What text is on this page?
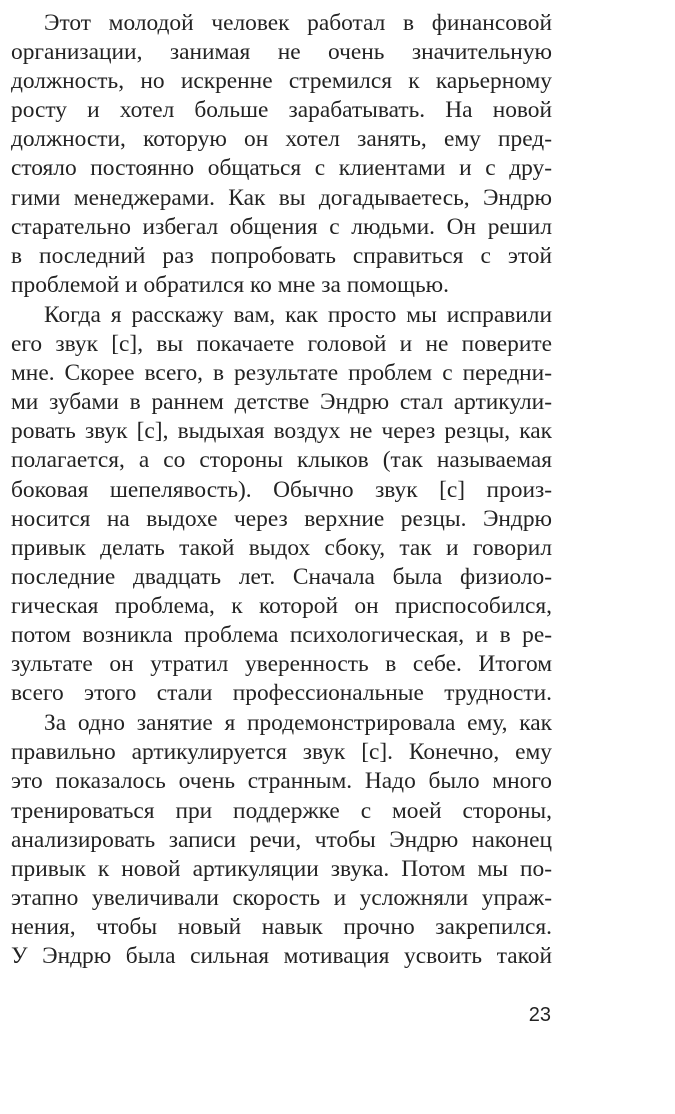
Этот молодой человек работал в финансовой
организации, занимая не очень значительную
должность, но искренне стремился к карьерному
росту и хотел больше зарабатывать. На новой
должности, которую он хотел занять, ему пред-
стояло постоянно общаться с клиентами и с дру-
гими менеджерами. Как вы догадываетесь, Эндрю
старательно избегал общения с людьми. Он решил
в последний раз попробовать справиться с этой
проблемой и обратился ко мне за помощью.
Когда я расскажу вам, как просто мы исправили
его звук [с], вы покачаете головой и не поверите
мне. Скорее всего, в результате проблем с передни-
ми зубами в раннем детстве Эндрю стал артикули-
ровать звук [с], выдыхая воздух не через резцы, как
полагается, а со стороны клыков (так называемая
боковая шепелявость). Обычно звук [с] произ-
носится на выдохе через верхние резцы. Эндрю
привык делать такой выдох сбоку, так и говорил
последние двадцать лет. Сначала была физиоло-
гическая проблема, к которой он приспособился,
потом возникла проблема психологическая, и в ре-
зультате он утратил уверенность в себе. Итогом
всего этого стали профессиональные трудности.
За одно занятие я продемонстрировала ему, как
правильно артикулируется звук [с]. Конечно, ему
это показалось очень странным. Надо было много
тренироваться при поддержке с моей стороны,
анализировать записи речи, чтобы Эндрю наконец
привык к новой артикуляции звука. Потом мы по-
этапно увеличивали скорость и усложняли упраж-
нения, чтобы новый навык прочно закрепился.
У Эндрю была сильная мотивация усвоить такой
23
